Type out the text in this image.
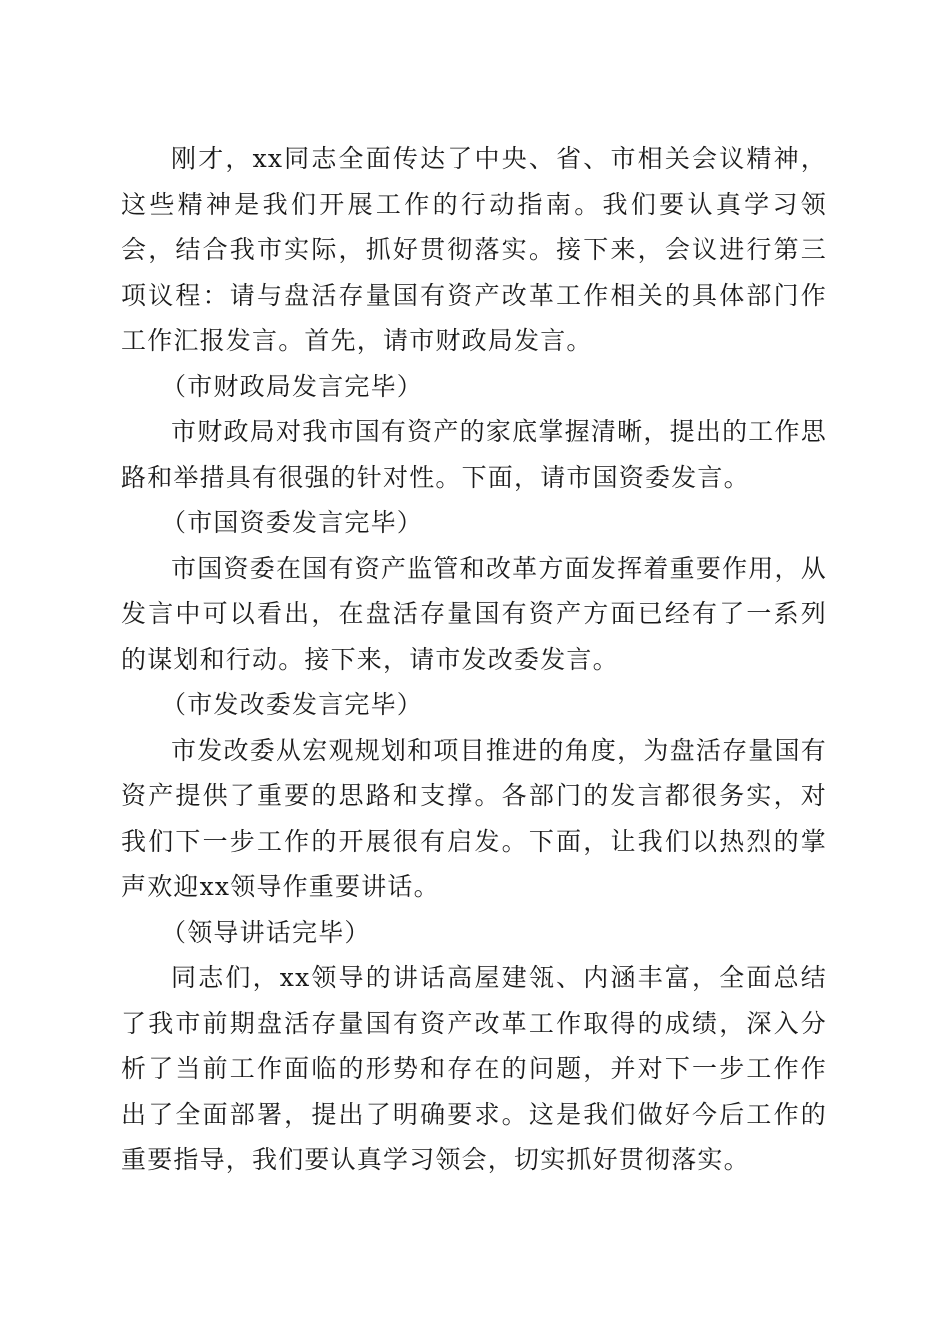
刚才，xx同志全面传达了中央、省、市相关会议精神，这些精神是我们开展工作的行动指南。我们要认真学习领会，结合我市实际，抓好贯彻落实。接下来，会议进行第三项议程：请与盘活存量国有资产改革工作相关的具体部门作工作汇报发言。首先，请市财政局发言。

（市财政局发言完毕）

市财政局对我市国有资产的家底掌握清晰，提出的工作思路和举措具有很强的针对性。下面，请市国资委发言。

（市国资委发言完毕）

市国资委在国有资产监管和改革方面发挥着重要作用，从发言中可以看出，在盘活存量国有资产方面已经有了一系列的谋划和行动。接下来，请市发改委发言。

（市发改委发言完毕）

市发改委从宏观规划和项目推进的角度，为盘活存量国有资产提供了重要的思路和支撑。各部门的发言都很务实，对我们下一步工作的开展很有启发。下面，让我们以热烈的掌声欢迎xx领导作重要讲话。

（领导讲话完毕）

同志们，xx领导的讲话高屋建瓴、内涵丰富，全面总结了我市前期盘活存量国有资产改革工作取得的成绩，深入分析了当前工作面临的形势和存在的问题，并对下一步工作作出了全面部署，提出了明确要求。这是我们做好今后工作的重要指导，我们要认真学习领会，切实抓好贯彻落实。
